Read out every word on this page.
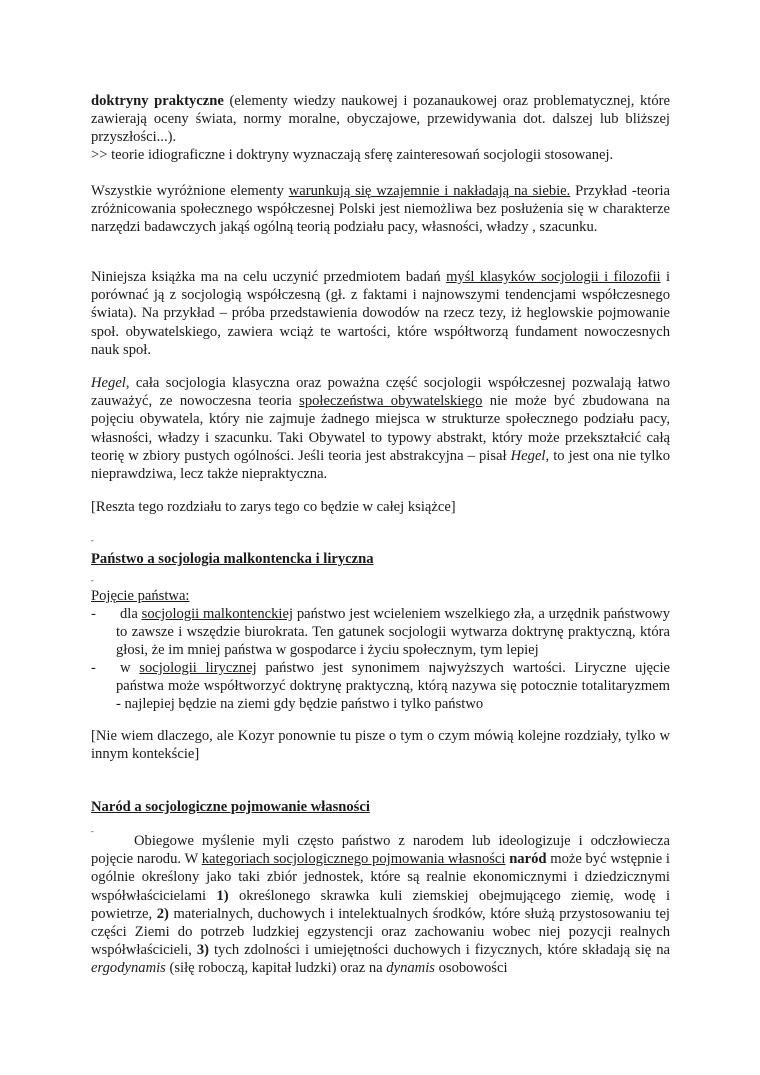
doktryny praktyczne (elementy wiedzy naukowej i pozanaukowej oraz problematycznej, które zawierają oceny świata, normy moralne, obyczajowe, przewidywania dot. dalszej lub bliższej przyszłości...).

>> teorie idiograficzne i doktryny wyznaczają sferę zainteresowań socjologii stosowanej.

Wszystkie wyróżnione elementy warunkują się wzajemnie i nakładają na siebie. Przykład -teoria zróżnicowania społecznego współczesnej Polski jest niemożliwa bez posłużenia się w charakterze narzędzi badawczych jakąś ogólną teorią podziału pacy, własności, władzy , szacunku.

Niniejsza książka ma na celu uczynić przedmiotem badań myśl klasyków socjologii i filozofii i porównać ją z socjologią współczesną (gł. z faktami i najnowszymi tendencjami współczesnego świata). Na przykład – próba przedstawienia dowodów na rzecz tezy, iż heglowskie pojmowanie społ. obywatelskiego, zawiera wciąż te wartości, które współtworzą fundament nowoczesnych nauk społ.

Hegel, cała socjologia klasyczna oraz poważna część socjologii współczesnej pozwalają łatwo zauważyć, ze nowoczesna teoria społeczeństwa obywatelskiego nie może być zbudowana na pojęciu obywatela, który nie zajmuje żadnego miejsca w strukturze społecznego podziału pacy, własności, władzy i szacunku. Taki Obywatel to typowy abstrakt, który może przekształcić całą teorię w zbiory pustych ogólności. Jeśli teoria jest abstrakcyjna – pisał Hegel, to jest ona nie tylko nieprawdziwa, lecz także niepraktyczna.

[Reszta tego rozdziału to zarys tego co będzie w całej książce]

-

Państwo a socjologia malkontencka i liryczna

-

Pojęcie państwa:

- dla socjologii malkontenckiej państwo jest wcieleniem wszelkiego zła, a urzędnik państwowy to zawsze i wszędzie biurokrata. Ten gatunek socjologii wytwarza doktrynę praktyczną, która głosi, że im mniej państwa w gospodarce i życiu społecznym, tym lepiej

- w socjologii lirycznej państwo jest synonimem najwyższych wartości. Liryczne ujęcie państwa może współtworzyć doktrynę praktyczną, którą nazywa się potocznie totalitaryzmem - najlepiej będzie na ziemi gdy będzie państwo i tylko państwo

[Nie wiem dlaczego, ale Kozyr ponownie tu pisze o tym o czym mówią kolejne rozdziały, tylko w innym kontekście]

Naród a socjologiczne pojmowanie własności

-

Obiegowe myślenie myli często państwo z narodem lub ideologizuje i odczłowiecza pojęcie narodu. W kategoriach socjologicznego pojmowania własności naród może być wstępnie i ogólnie określony jako taki zbiór jednostek, które są realnie ekonomicznymi i dziedzicznymi współwłaścicielami 1) określonego skrawka kuli ziemskiej obejmującego ziemię, wodę i powietrze, 2) materialnych, duchowych i intelektualnych środków, które służą przystosowaniu tej części Ziemi do potrzeb ludzkiej egzystencji oraz zachowaniu wobec niej pozycji realnych współwłaścicieli, 3) tych zdolności i umiejętności duchowych i fizycznych, które składają się na ergodynamis (siłę roboczą, kapitał ludzki) oraz na dynamis osobowości
